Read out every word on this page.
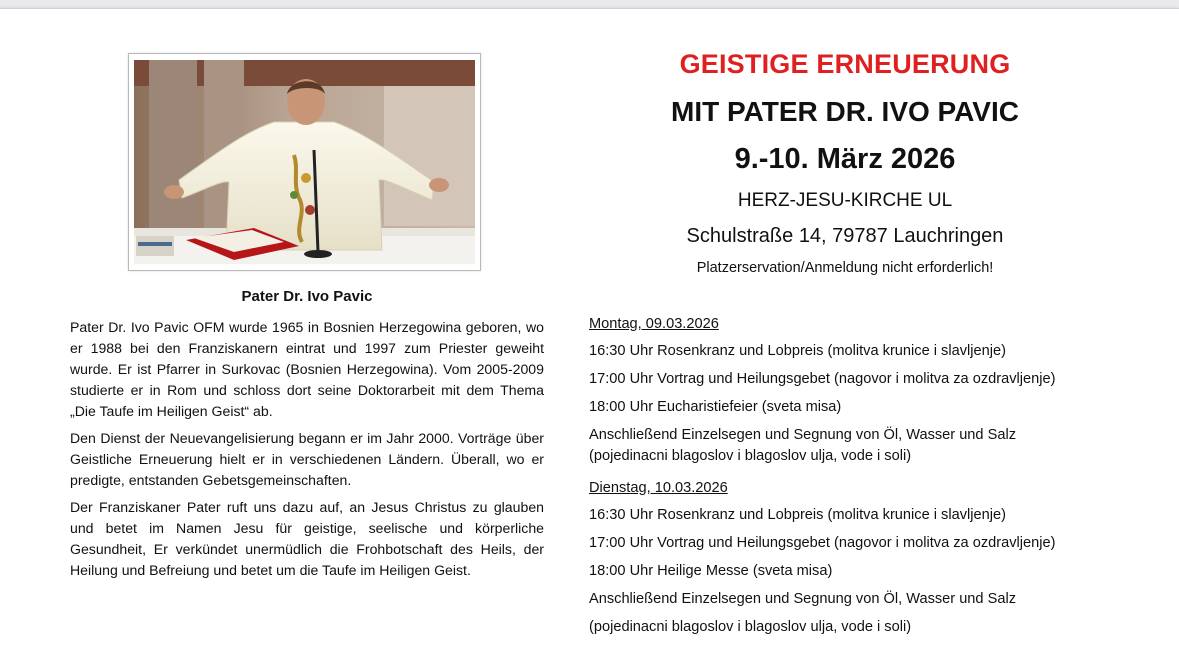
Pater Dr. Ivo Pavic

Pater Dr. Ivo Pavic OFM wurde 1965 in Bosnien Herzegowina geboren, wo er 1988 bei den Franziskanern eintrat und 1997 zum Priester geweiht wurde. Er ist Pfarrer in Surkovac (Bosnien Herzegowina). Vom 2005-2009 studierte er in Rom und schloss dort seine Doktorarbeit mit dem Thema „Die Taufe im Heiligen Geist“ ab.

Den Dienst der Neuevangelisierung begann er im Jahr 2000. Vorträge über Geistliche Erneuerung hielt er in verschiedenen Ländern. Überall, wo er predigte, entstanden Gebetsgemeinschaften.

Der Franziskaner Pater ruft uns dazu auf, an Jesus Christus zu glauben und betet im Namen Jesu für geistige, seelische und körperliche Gesundheit, Er verkündet unermüdlich die Frohbotschaft des Heils, der Heilung und Befreiung und betet um die Taufe im Heiligen Geist.

GEISTIGE ERNEUERUNG
MIT PATER DR. IVO PAVIC
9.-10. März 2026
HERZ-JESU-KIRCHE UL
Schulstraße 14, 79787 Lauchringen
Platzerservation/Anmeldung nicht erforderlich!
Montag, 09.03.2026
16:30 Uhr Rosenkranz und Lobpreis (molitva krunice i slavljenje)
17:00 Uhr Vortrag und Heilungsgebet (nagovor i molitva za ozdravljenje)
18:00 Uhr Eucharistiefeier (sveta misa)
Anschließend Einzelsegen und Segnung von Öl, Wasser und Salz
(pojedinacni blagoslov i blagoslov ulja, vode i soli)
Dienstag, 10.03.2026
16:30 Uhr Rosenkranz und Lobpreis (molitva krunice i slavljenje)
17:00 Uhr Vortrag und Heilungsgebet (nagovor i molitva za ozdravljenje)
18:00 Uhr Heilige Messe (sveta misa)
Anschließend Einzelsegen und Segnung von Öl, Wasser und Salz
(pojedinacni blagoslov i blagoslov ulja, vode i soli)
